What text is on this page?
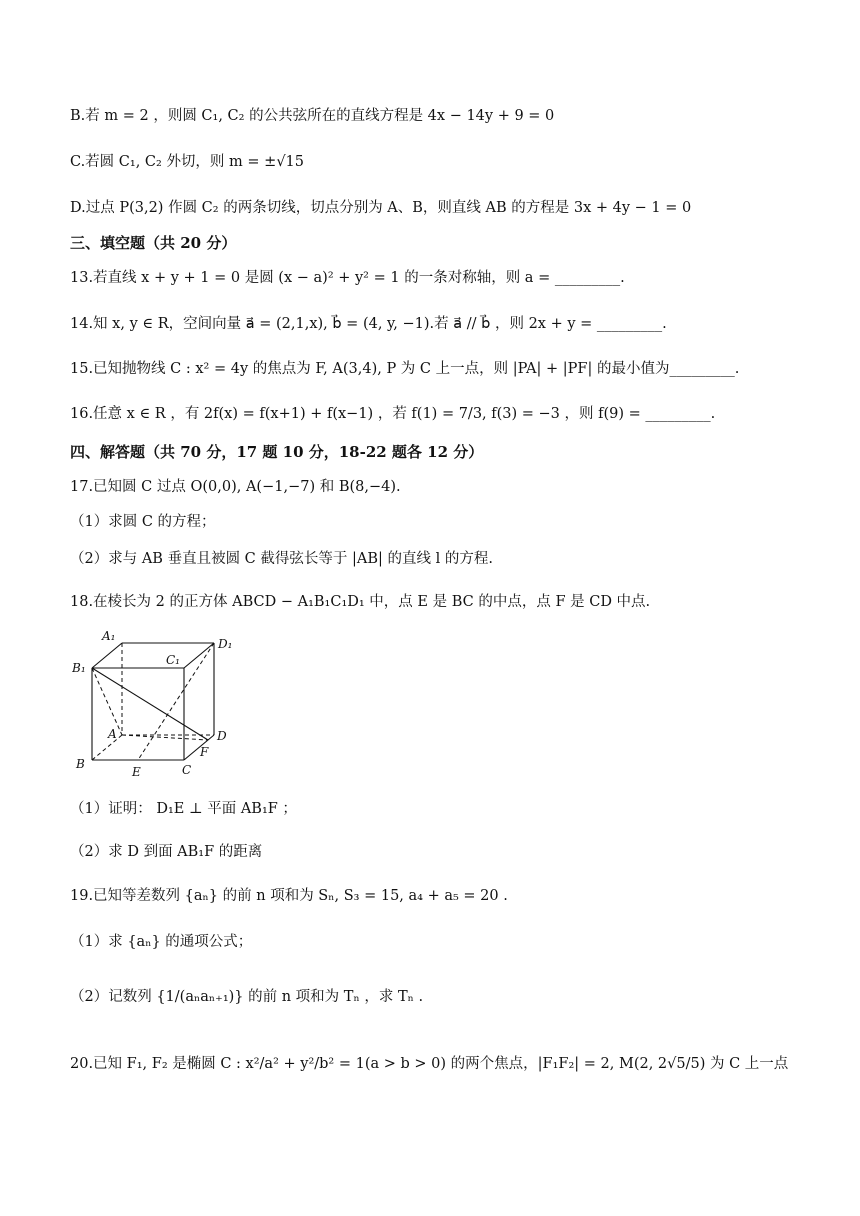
B.若 m = 2 ，则圆 C₁, C₂ 的公共弦所在的直线方程是 4x − 14y + 9 = 0
C.若圆 C₁, C₂ 外切，则 m = ±√15
D.过点 P(3,2) 作圆 C₂ 的两条切线，切点分别为 A、B，则直线 AB 的方程是 3x + 4y − 1 = 0
三、填空题（共 20 分）
13.若直线 x + y + 1 = 0 是圆 (x − a)² + y² = 1 的一条对称轴，则 a = _________.
14.知 x, y ∈ R，空间向量 a⃗ = (2,1,x), b⃗ = (4, y, −1).若 a⃗ // b⃗ ，则 2x + y = _________.
15.已知抛物线 C : x² = 4y 的焦点为 F, A(3,4), P 为 C 上一点，则 |PA| + |PF| 的最小值为_________.
16.任意 x ∈ R ，有 2f(x) = f(x+1) + f(x−1) ，若 f(1) = 7/3, f(3) = −3 ，则 f(9) = _________.
四、解答题（共 70 分，17 题 10 分，18-22 题各 12 分）
17.已知圆 C 过点 O(0,0), A(−1,−7) 和 B(8,−4).
（1）求圆 C 的方程；
（2）求与 AB 垂直且被圆 C 截得弦长等于 |AB| 的直线 l 的方程.
18.在棱长为 2 的正方体 ABCD − A₁B₁C₁D₁ 中，点 E 是 BC 的中点，点 F 是 CD 中点.
A₁
D₁
B₁
C₁
A	D
B	C
E
F
（1）证明： D₁E ⊥ 平面 AB₁F ；
（2）求 D 到面 AB₁F 的距离
19.已知等差数列 {aₙ} 的前 n 项和为 Sₙ, S₃ = 15, a₄ + a₅ = 20 .
（1）求 {aₙ} 的通项公式；
（2）记数列 {1/(aₙaₙ₊₁)} 的前 n 项和为 Tₙ ，求 Tₙ .
20.已知 F₁, F₂ 是椭圆 C : x²/a² + y²/b² = 1(a > b > 0) 的两个焦点，|F₁F₂| = 2, M(2, 2√5/5) 为 C 上一点
